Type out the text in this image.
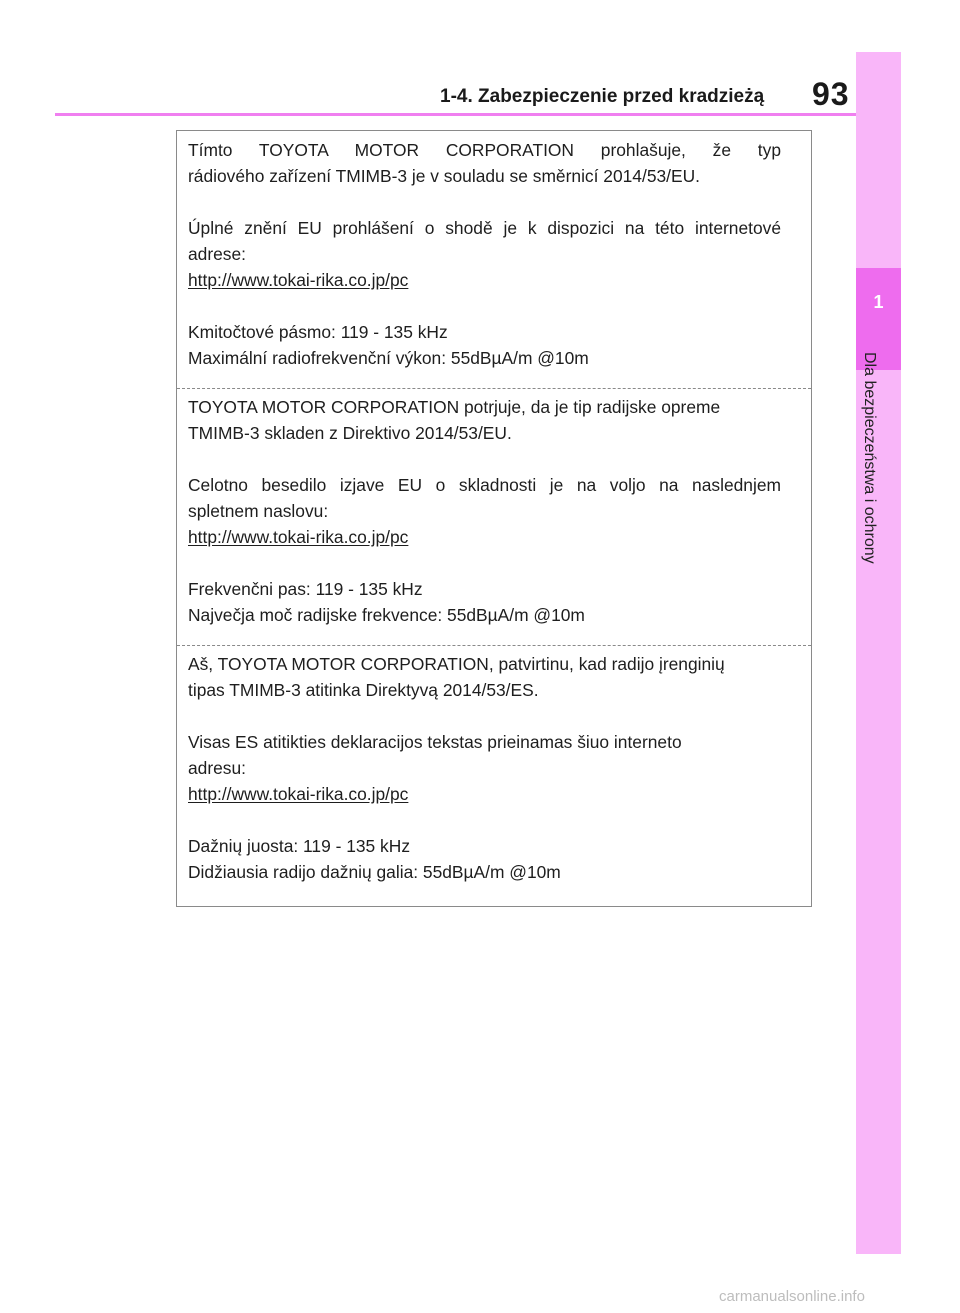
1-4. Zabezpieczenie przed kradzieżą 93
1
Dla bezpieczeństwa i ochrony

Tímto TOYOTA MOTOR CORPORATION prohlašuje, že typ
rádiového zařízení TMIMB-3 je v souladu se směrnicí 2014/53/EU.

Úplné znění EU prohlášení o shodě je k dispozici na této internetové
adrese:
http://www.tokai-rika.co.jp/pc

Kmitočtové pásmo: 119 - 135 kHz
Maximální radiofrekvenční výkon: 55dBµA/m @10m

TOYOTA MOTOR CORPORATION potrjuje, da je tip radijske opreme
TMIMB-3 skladen z Direktivo 2014/53/EU.

Celotno besedilo izjave EU o skladnosti je na voljo na naslednjem
spletnem naslovu:
http://www.tokai-rika.co.jp/pc

Frekvenčni pas: 119 - 135 kHz
Največja moč radijske frekvence: 55dBµA/m @10m

Aš, TOYOTA MOTOR CORPORATION, patvirtinu, kad radijo įrenginių
tipas TMIMB-3 atitinka Direktyvą 2014/53/ES.

Visas ES atitikties deklaracijos tekstas prieinamas šiuo interneto
adresu:
http://www.tokai-rika.co.jp/pc

Dažnių juosta: 119 - 135 kHz
Didžiausia radijo dažnių galia: 55dBµA/m @10m

carmanualsonline.info
